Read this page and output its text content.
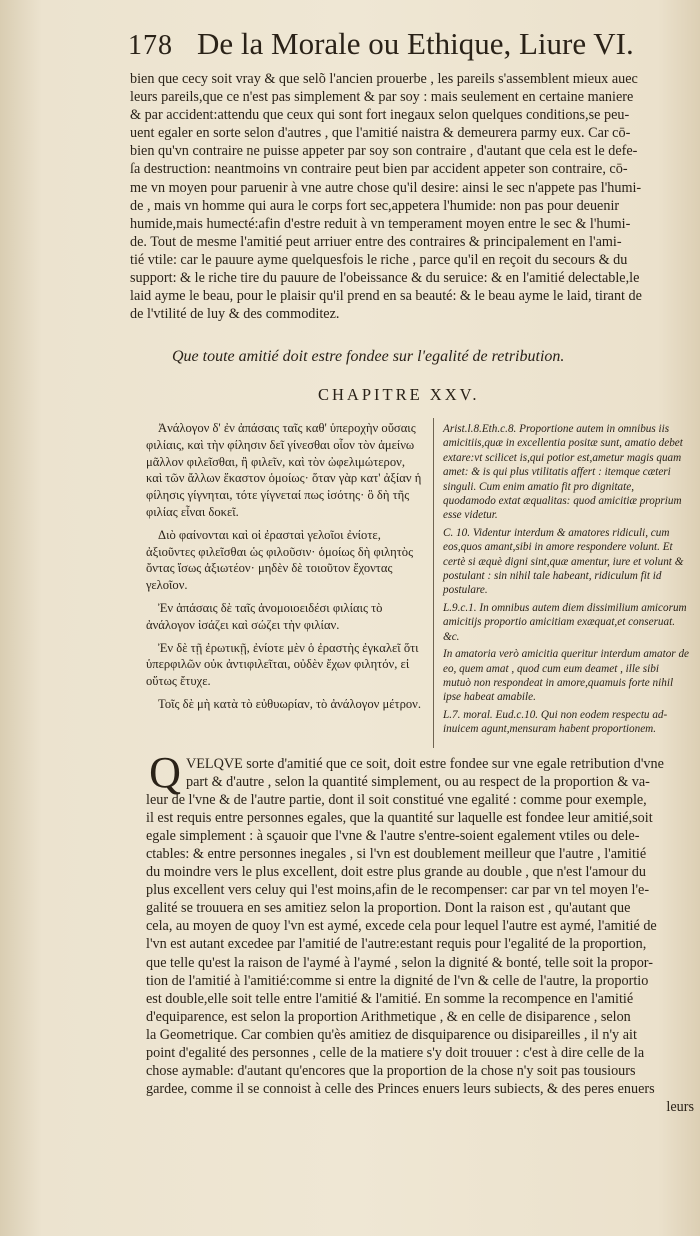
178 De la Morale ou Ethique, Liure VI.

bien que cecy soit vray & que selõ l'ancien prouerbe , les pareils s'assemblent mieux auec

leurs pareils,que ce n'est pas simplement & par soy : mais seulement en certaine maniere

& par accident:attendu que ceux qui sont fort inegaux selon quelques conditions,se peu-

uent egaler en sorte selon d'autres , que l'amitié naistra & demeurera parmy eux. Car cō-

bien qu'vn contraire ne puisse appeter par soy son contraire , d'autant que cela est le defe-

ſa destruction: neantmoins vn contraire peut bien par accident appeter son contraire, cō-

me vn moyen pour paruenir à vne autre chose qu'il desire: ainsi le sec n'appete pas l'humi-

de , mais vn homme qui aura le corps fort sec,appetera l'humide: non pas pour deuenir

humide,mais humecté:afin d'estre reduit à vn temperament moyen entre le sec & l'humi-

de. Tout de mesme l'amitié peut arriuer entre des contraires & principalement en l'ami-

tié vtile: car le pauure ayme quelquesfois le riche , parce qu'il en reçoit du secours & du

support: & le riche tire du pauure de l'obeissance & du seruice: & en l'amitié delectable,le

laid ayme le beau, pour le plaisir qu'il prend en sa beauté: & le beau ayme le laid, tirant de

de l'vtilité de luy & des commoditez.

Que toute amitié doit estre fondee sur l'egalité de retribution.
CHAPITRE XXV.

Ἀνάλογον δ' ἐν ἀπάσαις ταῖς καθ' ὑπεροχὴν οὔσαις φιλίαις, καὶ τὴν φίλησιν δεῖ γίνεσθαι οἷον τὸν ἀμείνω μᾶλλον φιλεῖσθαι, ἢ φιλεῖν, καὶ τὸν ὠφελιμώτερον, καὶ τῶν ἄλλων ἕκαστον ὁμοίως· ὅταν γὰρ κατ' ἀξίαν ἡ φίλησις γίγνηται, τότε γίγνεταί πως ἰσότης· ὃ δὴ τῆς φιλίας εἶναι δοκεῖ.

Διὸ φαίνονται καὶ οἱ ἐρασταὶ γελοῖοι ἐνίοτε, ἀξιοῦντες φιλεῖσθαι ὡς φιλοῦσιν· ὁμοίως δὴ φιλητὸς ὄντας ἴσως ἀξιωτέον· μηδὲν δὲ τοιοῦτον ἔχοντας γελοῖον.

Ἐν ἁπάσαις δὲ ταῖς ἀνομοιοειδέσι φιλίαις τὸ ἀνάλογον ἰσάζει καὶ σώζει τὴν φιλίαν.

Ἐν δὲ τῇ ἐρωτικῇ, ἐνίοτε μὲν ὁ ἐραστὴς ἐγκαλεῖ ὅτι ὑπερφιλῶν οὐκ ἀντιφιλεῖται, οὐδὲν ἔχων φιλητόν, εἰ οὕτως ἔτυχε.

Τοῖς δὲ μὴ κατὰ τὸ εὐθυωρίαν, τὸ ἀνάλογον μέτρον.

Arist.l.8.Eth.c.8. Proportione autem in omnibus iis amicitiis,quæ in excellentia positæ sunt, amatio debet extare:vt scilicet is,qui potior est,ametur magis quam amet: & is qui plus vtilitatis affert : itemque cæteri singuli. Cum enim amatio fit pro dignitate, quodamodo extat æqualitas: quod amicitiæ proprium esse videtur.

C. 10. Videntur interdum & amatores ridiculi, cum eos,quos amant,sibi in amore respondere volunt. Et certè si æquè digni sint,quæ amentur, iure et volunt & postulant : sin nihil tale habeant, ridiculum fit id postulare.

L.9.c.1. In omnibus autem diem dissimilium amicorum amicitijs proportio amicitiam exæquat,et conseruat. &c.

In amatoria verò amicitia queritur interdum amator de eo, quem amat , quod cum eum deamet , ille sibi mutuò non respondeat in amore,quamuis forte nihil ipse habeat amabile.

L.7. moral. Eud.c.10. Qui non eodem respectu ad-inuicem agunt,mensuram habent proportionem.

Q VELQVE sorte d'amitié que ce soit, doit estre fondee sur vne egale retribution d'vne

part & d'autre , selon la quantité simplement, ou au respect de la proportion & va-

leur de l'vne & de l'autre partie, dont il soit constitué vne egalité : comme pour exemple,

il est requis entre personnes egales, que la quantité sur laquelle est fondee leur amitié,soit

egale simplement : à sçauoir que l'vne & l'autre s'entre-soient egalement vtiles ou dele-

ctables: & entre personnes inegales , si l'vn est doublement meilleur que l'autre , l'amitié

du moindre vers le plus excellent, doit estre plus grande au double , que n'est l'amour du

plus excellent vers celuy qui l'est moins,afin de le recompenser: car par vn tel moyen l'e-

galité se trouuera en ses amitiez selon la proportion. Dont la raison est , qu'autant que

cela, au moyen de quoy l'vn est aymé, excede cela pour lequel l'autre est aymé, l'amitié de

l'vn est autant excedee par l'amitié de l'autre:estant requis pour l'egalité de la proportion,

que telle qu'est la raison de l'aymé à l'aymé , selon la dignité & bonté, telle soit la propor-

tion de l'amitié à l'amitié:comme si entre la dignité de l'vn & celle de l'autre, la proportio

est double,elle soit telle entre l'amitié & l'amitié. En somme la recompence en l'amitié

d'equiparence, est selon la proportion Arithmetique , & en celle de disiparence , selon

la Geometrique. Car combien qu'ès amitiez de disquiparence ou disipareilles , il n'y ait

point d'egalité des personnes , celle de la matiere s'y doit trouuer : c'est à dire celle de la

chose aymable: d'autant qu'encores que la proportion de la chose n'y soit pas tousiours

gardee, comme il se connoist à celle des Princes enuers leurs subiects, & des peres enuers

leurs
